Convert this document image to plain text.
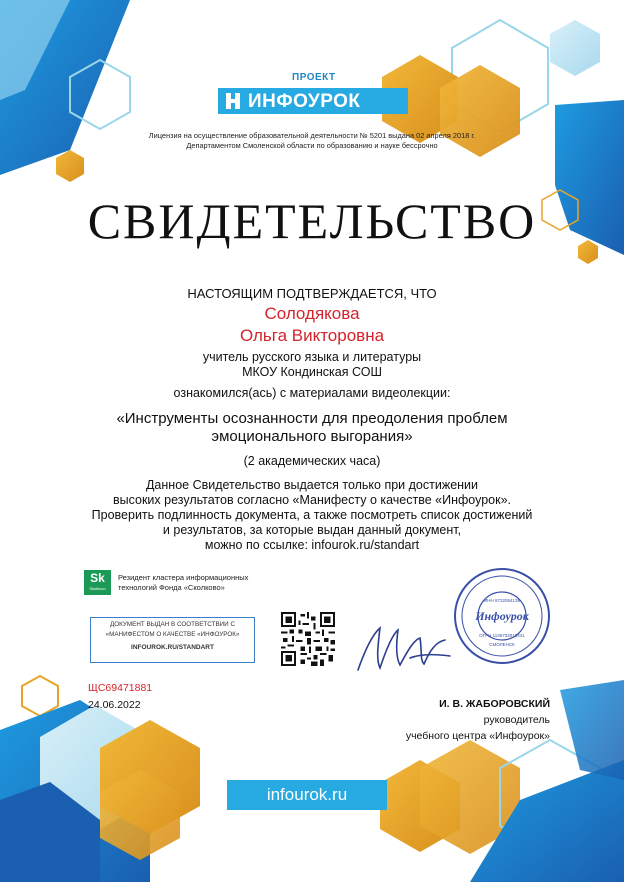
ПРОЕКТ
ИНФОУРОК
Лицензия на осуществление образовательной деятельности № 5201 выдана 02 апреля 2018 г.
Департаментом Смоленской области по образованию и науке бессрочно
СВИДЕТЕЛЬСТВО
НАСТОЯЩИМ ПОДТВЕРЖДАЕТСЯ, ЧТО
Солодякова
Ольга Викторовна
учитель русского языка и литературы
МКОУ Кондинская СОШ
ознакомился(ась) с материалами видеолекции:
«Инструменты осознанности для преодоления проблем
эмоционального выгорания»
(2 академических часа)
Данное Свидетельство выдается только при достижении
высоких результатов согласно «Манифесту о качестве «Инфоурок».
Проверить подлинность документа, а также посмотреть список достижений
и результатов, за которые выдан данный документ,
можно по ссылке: infourok.ru/standart
Sk
Skolkovo
Резидент кластера информационных
технологий Фонда «Сколково»
ДОКУМЕНТ ВЫДАН В СООТВЕТСТВИИ С
«МАНИФЕСТОМ О КАЧЕСТВЕ «ИНФОУРОК»
INFOUROK.RU/STANDART
Инфоурок
ИНН 6732064138
ОГРН 1136733018441
СМОЛЕНСК
ЩС69471881
24.06.2022	И. В. ЖАБОРОВСКИЙ
руководитель
учебного центра «Инфоурок»
infourok.ru
